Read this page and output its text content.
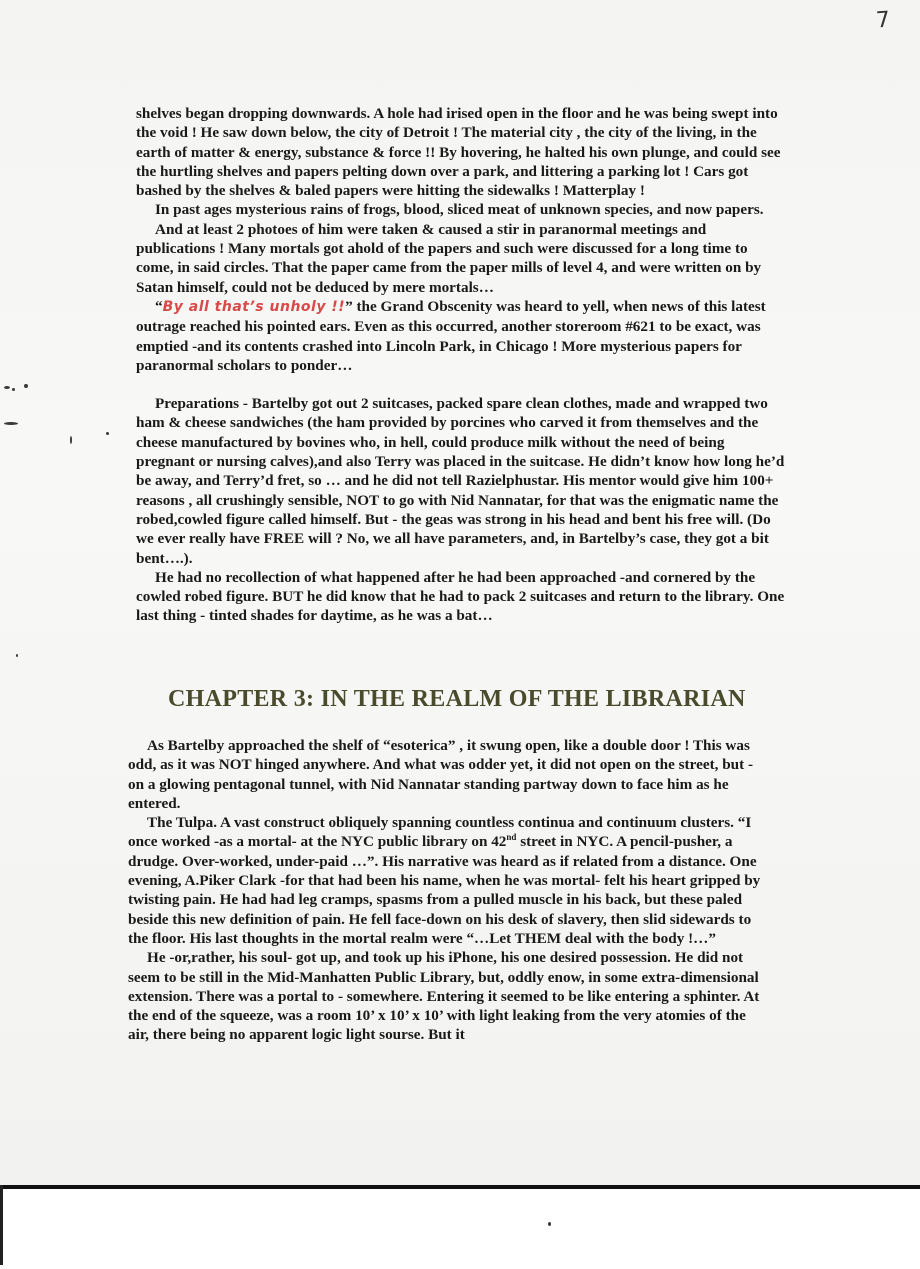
7

shelves began dropping downwards. A hole had irised open in the floor and he was being swept into the void ! He saw down below, the city of Detroit ! The material city , the city of the living, in the earth of matter & energy, substance & force !! By hovering, he halted his own plunge, and could see the hurtling shelves and papers pelting down over a park, and littering a parking lot ! Cars got bashed by the shelves & baled papers were hitting the sidewalks ! Matterplay !

In past ages mysterious rains of frogs, blood, sliced meat of unknown species, and now papers.

And at least 2 photoes of him were taken & caused a stir in paranormal meetings and publications ! Many mortals got ahold of the papers and such were discussed for a long time to come, in said circles. That the paper came from the paper mills of level 4, and were written on by Satan himself, could not be deduced by mere mortals…

“By all that’s unholy !!” the Grand Obscenity was heard to yell, when news of this latest outrage reached his pointed ears. Even as this occurred, another storeroom #621 to be exact, was emptied -and its contents crashed into Lincoln Park, in Chicago ! More mysterious papers for paranormal scholars to ponder…

Preparations - Bartelby got out 2 suitcases, packed spare clean clothes, made and wrapped two ham & cheese sandwiches (the ham provided by porcines who carved it from themselves and the cheese manufactured by bovines who, in hell, could produce milk without the need of being pregnant or nursing calves),and also Terry was placed in the suitcase. He didn’t know how long he’d be away, and Terry’d fret, so … and he did not tell Razielphustar. His mentor would give him 100+ reasons , all crushingly sensible, NOT to go with Nid Nannatar, for that was the enigmatic name the robed,cowled figure called himself. But - the geas was strong in his head and bent his free will. (Do we ever really have FREE will ? No, we all have parameters, and, in Bartelby’s case, they got a bit bent….).

He had no recollection of what happened after he had been approached -and cornered by the cowled robed figure. BUT he did know that he had to pack 2 suitcases and return to the library. One last thing - tinted shades for daytime, as he was a bat…

CHAPTER 3: IN THE REALM OF THE LIBRARIAN

As Bartelby approached the shelf of “esoterica” , it swung open, like a double door ! This was odd, as it was NOT hinged anywhere. And what was odder yet, it did not open on the street, but - on a glowing pentagonal tunnel, with Nid Nannatar standing partway down to face him as he entered.

The Tulpa. A vast construct obliquely spanning countless continua and continuum clusters. “I once worked -as a mortal- at the NYC public library on 42nd street in NYC. A pencil-pusher, a drudge. Over-worked, under-paid …”. His narrative was heard as if related from a distance. One evening, A.Piker Clark -for that had been his name, when he was mortal- felt his heart gripped by twisting pain. He had had leg cramps, spasms from a pulled muscle in his back, but these paled beside this new definition of pain. He fell face-down on his desk of slavery, then slid sidewards to the floor. His last thoughts in the mortal realm were “…Let THEM deal with the body !…”

He -or,rather, his soul- got up, and took up his iPhone, his one desired possession. He did not seem to be still in the Mid-Manhatten Public Library, but, oddly enow, in some extra-dimensional extension. There was a portal to - somewhere. Entering it seemed to be like entering a sphinter. At the end of the squeeze, was a room 10’ x 10’ x 10’ with light leaking from the very atomies of the air, there being no apparent logic light sourse. But it
